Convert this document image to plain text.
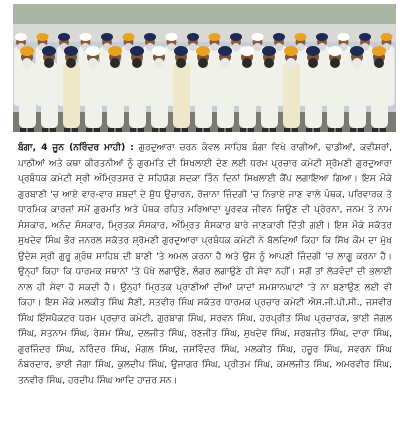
ਬੰਗਾ, 4 ਜੂਨ (ਨਰਿੰਦਰ ਮਾਹੀ) : ਗੁਰਦੁਆਰਾ ਚਰਨ ਕੰਵਲ ਸਾਹਿਬ ਬੰਗਾ ਵਿਖੇ ਰਾਗੀਆਂ, ਢਾਡੀਆਂ, ਕਵੀਸ਼ਰਾਂ, ਪਾਠੀਆਂ ਅਤੇ ਕਥਾ ਕੀਰਤਨੀਆਂ ਨੂੰ ਗੁਰਮਤਿ ਦੀ ਸਿਖਲਾਈ ਦੇਣ ਲਈ ਧਰਮ ਪ੍ਰਚਾਰ ਕਮੇਟੀ ਸ਼੍ਰੋਮਣੀ ਗੁਰਦੁਆਰਾ ਪ੍ਰਬੰਧਕ ਕਮੇਟੀ ਸ੍ਰੀ ਅੰਮ੍ਰਿਤਸਰ ਦੇ ਸਹਿਯੋਗ ਸਦਕਾ ਤਿੰਨ ਦਿਨਾਂ ਸਿਖਲਾਈ ਕੈਂਪ ਲਗਾਇਆ ਗਿਆ। ਇਸ ਮੌਕੇ ਗੁਰਬਾਣੀ 'ਚ ਆਏ ਵਾਰ-ਵਾਰ ਸ਼ਬਦਾਂ ਦੇ ਸ਼ੁੱਧ ਉਚਾਰਨ, ਰੋਜ਼ਾਨਾ ਜ਼ਿੰਦਗੀ 'ਚ ਨਿਭਾਏ ਜਾਣ ਵਾਲੇ ਪੰਥਕ, ਪਰਿਵਾਰਕ ਤੇ ਧਾਰਮਿਕ ਕਾਰਜਾਂ ਸਮੇਂ ਗੁਰਮਤਿ ਅਤੇ ਪੰਥਕ ਰਹਿਤ ਮਰਿਆਦਾ ਪੂਰਵਕ ਜੀਵਨ ਜਿਊਣ ਦੀ ਪ੍ਰੇਰਨਾ, ਜਨਮ ਤੇ ਨਾਮ ਸੰਸਕਾਰ, ਅਨੰਦ ਸੰਸਕਾਰ, ਮ੍ਰਿਤਕ ਸੰਸਕਾਰ, ਅੰਮ੍ਰਿਤ ਸੰਸਕਾਰ ਬਾਰੇ ਜਾਣਕਾਰੀ ਦਿੱਤੀ ਗਈ। ਇਸ ਮੌਕੇ ਸਕੱਤਰ ਸੁਖਦੇਵ ਸਿੰਘ ਭੌਰ ਜਨਰਲ ਸਕੱਤਰ ਸ਼੍ਰੋਮਣੀ ਗੁਰਦੁਆਰਾ ਪ੍ਰਬੰਧਕ ਕਮੇਟੀ ਨੇ ਬੋਲਦਿਆਂ ਕਿਹਾ ਕਿ ਸਿੱਖ ਕੌਮ ਦਾ ਮੁੱਖ ਉਦੇਸ਼ ਸ੍ਰੀ ਗੁਰੂ ਗ੍ਰੰਥ ਸਾਹਿਬ ਦੀ ਬਾਣੀ 'ਤੇ ਅਮਲ ਕਰਨਾ ਹੈ ਅਤੇ ਉਸ ਨੂੰ ਆਪਣੀ ਜ਼ਿੰਦਗੀ 'ਚ ਲਾਗੂ ਕਰਨਾ ਹੈ। ਉਨ੍ਹਾਂ ਕਿਹਾ ਕਿ ਧਾਰਮਕ ਸਥਾਨਾਂ 'ਤੇ ਪੱਖੇ ਲਗਾਉਣੇ, ਲੰਗਰ ਲਗਾਉਣੇ ਹੀ ਸੇਵਾ ਨਹੀਂ। ਸਗੋਂ ਤਾਂ ਲੋੜਵੰਦਾਂ ਦੀ ਭਲਾਈ ਨਾਲ ਹੀ ਸੇਵਾ ਹੋ ਸਕਦੀ ਹੈ। ਉਨ੍ਹਾਂ ਮ੍ਰਿਤਕ ਪ੍ਰਾਣੀਆਂ ਦੀਆਂ ਯਾਦਾਂ ਸਮਸ਼ਾਨਘਾਟਾਂ 'ਤੇ ਨਾ ਬਣਾਉਣ ਲਈ ਵੀ ਕਿਹਾ। ਇਸ ਮੌਕੇ ਮਲਕੀਤ ਸਿੰਘ ਸੈਣੀ, ਸਤਵੀਰ ਸਿੰਘ ਸਕੱਤਰ ਧਾਰਮਕ ਪ੍ਰਚਾਰ ਕਮੇਟੀ ਐਸ.ਜੀ.ਪੀ.ਸੀ., ਜਸਵੀਰ ਸਿੰਘ ਇੰਸਪੈਕਟਰ ਧਰਮ ਪ੍ਰਚਾਰ ਕਮੇਟੀ, ਗੁਰਬਾਗ ਸਿੰਘ, ਸਰਵਨ ਸਿੰਘ, ਹਰਪ੍ਰੀਤ ਸਿੰਘ ਪ੍ਰਚਾਰਕ, ਭਾਈ ਜੋਗਲ ਸਿੰਘ, ਸਤਨਾਮ ਸਿੰਘ, ਰੇਸ਼ਮ ਸਿੰਘ, ਦਲਜੀਤ ਸਿੰਘ, ਰਣਜੀਤ ਸਿੰਘ, ਸੁਖਦੇਵ ਸਿੰਘ, ਸਰਬਜੀਤ ਸਿੰਘ, ਦਾਰਾ ਸਿੰਘ, ਗੁਰਜਿੰਦਰ ਸਿੰਘ, ਨਰਿੰਦਰ ਸਿੰਘ, ਮੰਗਲ ਸਿੰਘ, ਜਸਵਿੰਦਰ ਸਿੰਘ, ਮਲਕੀਤ ਸਿੰਘ, ਹਜ਼ੂਰ ਸਿੰਘ, ਸਵਰਨ ਸਿੰਘ ਨੰਬਰਦਾਰ, ਭਾਈ ਜੋਗਾ ਸਿੰਘ, ਕੁਲਦੀਪ ਸਿੰਘ, ਉਜਾਗਰ ਸਿੰਘ, ਪ੍ਰੀਤਮ ਸਿੰਘ, ਕਮਲਜੀਤ ਸਿੰਘ, ਅਮਰਵੀਰ ਸਿੰਘ, ਤਨਵੀਰ ਸਿੰਘ, ਹਰਦੀਪ ਸਿੰਘ ਆਦਿ ਹਾਜ਼ਰ ਸਨ।
